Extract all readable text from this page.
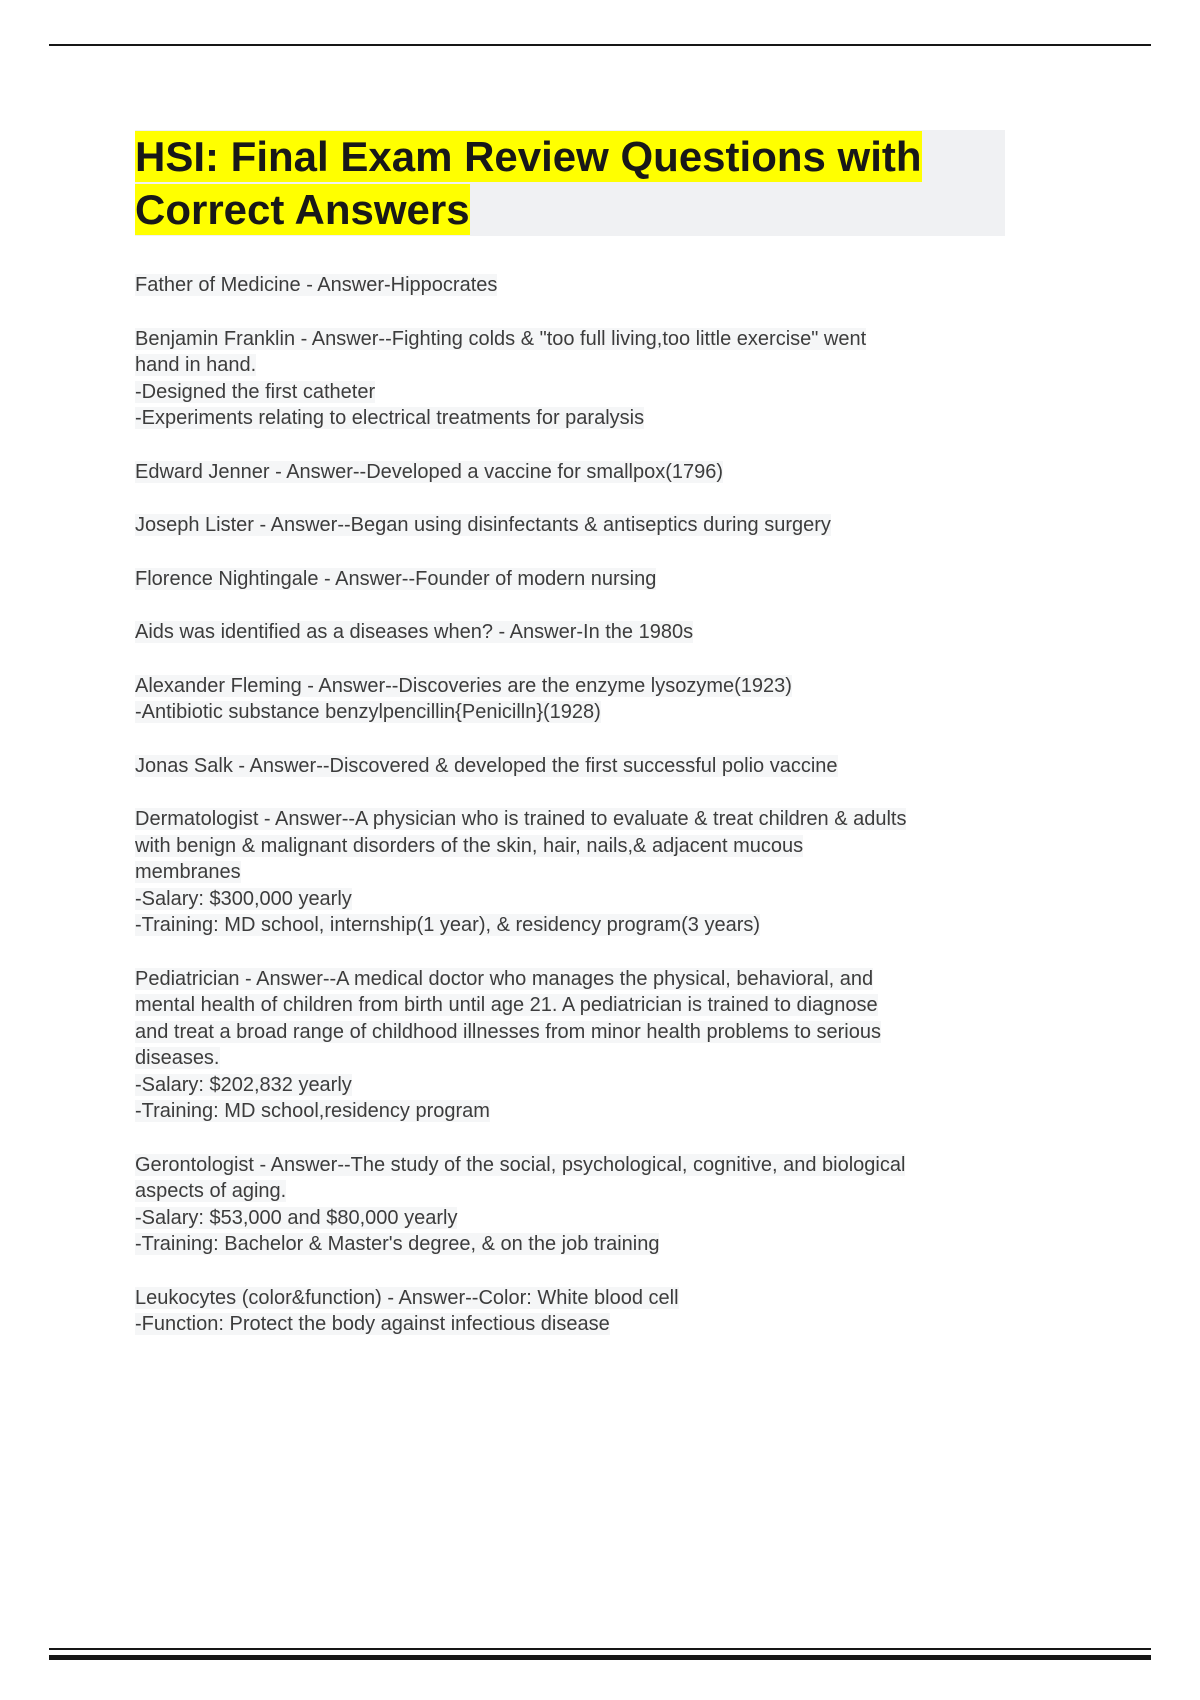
HSI: Final Exam Review Questions with Correct Answers
Father of Medicine - Answer-Hippocrates
Benjamin Franklin - Answer--Fighting colds & "too full living,too little exercise" went
hand in hand.
-Designed the first catheter
-Experiments relating to electrical treatments for paralysis
Edward Jenner - Answer--Developed a vaccine for smallpox(1796)
Joseph Lister - Answer--Began using disinfectants & antiseptics during surgery
Florence Nightingale - Answer--Founder of modern nursing
Aids was identified as a diseases when? - Answer-In the 1980s
Alexander Fleming - Answer--Discoveries are the enzyme lysozyme(1923)
-Antibiotic substance benzylpencillin{Penicilln}(1928)
Jonas Salk - Answer--Discovered & developed the first successful polio vaccine
Dermatologist - Answer--A physician who is trained to evaluate & treat children & adults
with benign & malignant disorders of the skin, hair, nails,& adjacent mucous
membranes
-Salary: $300,000 yearly
-Training: MD school, internship(1 year), & residency program(3 years)
Pediatrician - Answer--A medical doctor who manages the physical, behavioral, and
mental health of children from birth until age 21. A pediatrician is trained to diagnose
and treat a broad range of childhood illnesses from minor health problems to serious
diseases.
-Salary: $202,832 yearly
-Training: MD school,residency program
Gerontologist - Answer--The study of the social, psychological, cognitive, and biological
aspects of aging.
-Salary: $53,000 and $80,000 yearly
-Training: Bachelor & Master's degree, & on the job training
Leukocytes (color&function) - Answer--Color: White blood cell
-Function: Protect the body against infectious disease
